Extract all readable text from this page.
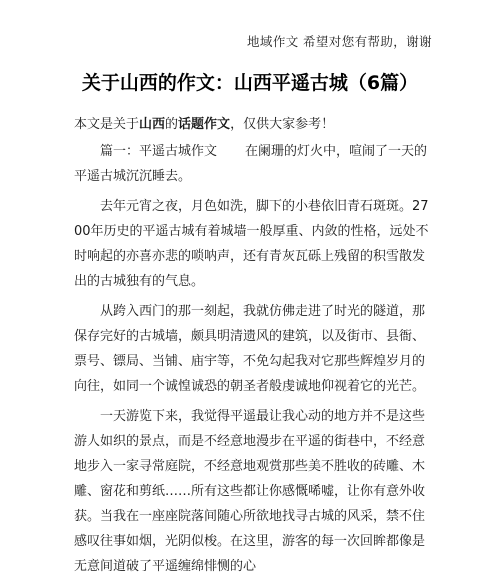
地域作文 希望对您有帮助，谢谢
关于山西的作文：山西平遥古城（6篇）

本文是关于山西的话题作文，仅供大家参考！

篇一：平遥古城作文 在阑珊的灯火中，喧闹了一天的平遥古城沉沉睡去。

去年元宵之夜，月色如洗，脚下的小巷依旧青石斑斑。2700年历史的平遥古城有着城墙一般厚重、内敛的性格，远处不时响起的亦喜亦悲的唢呐声，还有青灰瓦砾上残留的积雪散发出的古城独有的气息。

从跨入西门的那一刻起，我就仿佛走进了时光的隧道，那保存完好的古城墙，颇具明清遗风的建筑，以及街市、县衙、票号、镖局、当铺、庙宇等，不免勾起我对它那些辉煌岁月的向往，如同一个诚惶诚恐的朝圣者般虔诚地仰视着它的光芒。

一天游览下来，我觉得平遥最让我心动的地方并不是这些游人如织的景点，而是不经意地漫步在平遥的街巷中，不经意地步入一家寻常庭院，不经意地观赏那些美不胜收的砖雕、木雕、窗花和剪纸……所有这些都让你感慨唏嘘，让你有意外收获。当我在一座座院落间随心所欲地找寻古城的风采，禁不住感叹往事如烟，光阴似梭。在这里，游客的每一次回眸都像是无意间道破了平遥缠绵悱恻的心
